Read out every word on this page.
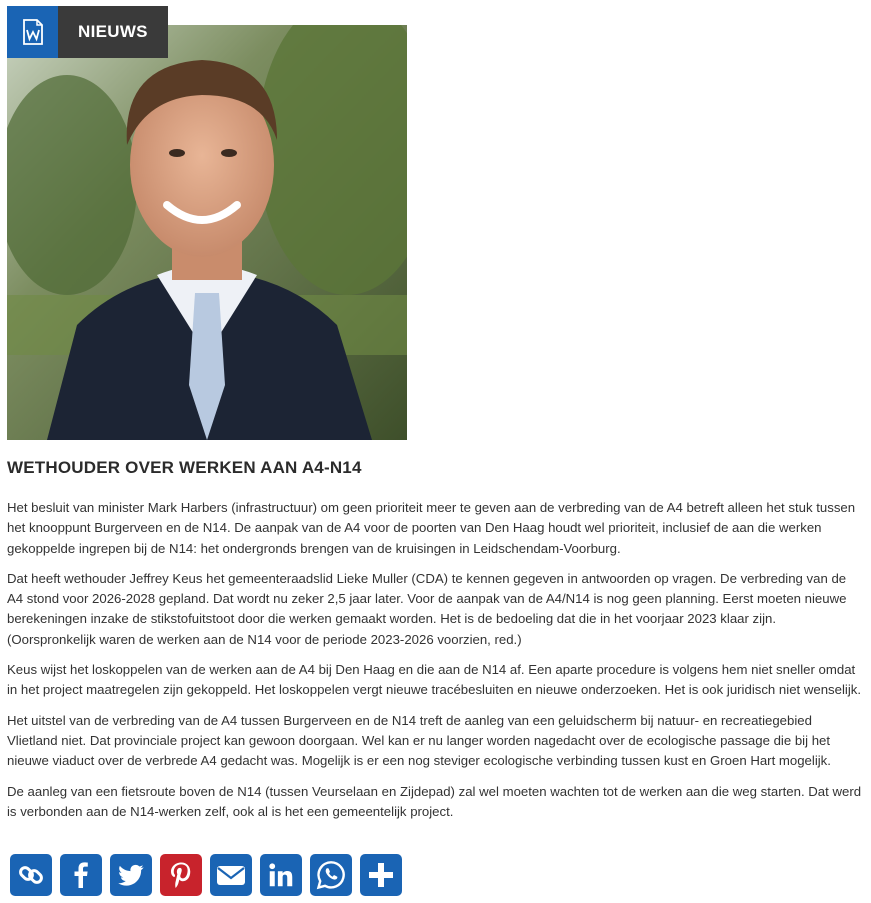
NIEUWS
WETHOUDER OVER WERKEN AAN A4-N14

Het besluit van minister Mark Harbers (infrastructuur) om geen prioriteit meer te geven aan de verbreding van de A4 betreft alleen het stuk tussen het knooppunt Burgerveen en de N14. De aanpak van de A4 voor de poorten van Den Haag houdt wel prioriteit, inclusief de aan die werken gekoppelde ingrepen bij de N14: het ondergronds brengen van de kruisingen in Leidschendam-Voorburg.

Dat heeft wethouder Jeffrey Keus het gemeenteraadslid Lieke Muller (CDA) te kennen gegeven in antwoorden op vragen. De verbreding van de A4 stond voor 2026-2028 gepland. Dat wordt nu zeker 2,5 jaar later. Voor de aanpak van de A4/N14 is nog geen planning. Eerst moeten nieuwe berekeningen inzake de stikstofuitstoot door die werken gemaakt worden. Het is de bedoeling dat die in het voorjaar 2023 klaar zijn. (Oorspronkelijk waren de werken aan de N14 voor de periode 2023-2026 voorzien, red.)

Keus wijst het loskoppelen van de werken aan de A4 bij Den Haag en die aan de N14 af. Een aparte procedure is volgens hem niet sneller omdat in het project maatregelen zijn gekoppeld. Het loskoppelen vergt nieuwe tracébesluiten en nieuwe onderzoeken. Het is ook juridisch niet wenselijk.

Het uitstel van de verbreding van de A4 tussen Burgerveen en de N14 treft de aanleg van een geluidscherm bij natuur- en recreatiegebied Vlietland niet. Dat provinciale project kan gewoon doorgaan. Wel kan er nu langer worden nagedacht over de ecologische passage die bij het nieuwe viaduct over de verbrede A4 gedacht was. Mogelijk is er een nog steviger ecologische verbinding tussen kust en Groen Hart mogelijk.

De aanleg van een fietsroute boven de N14 (tussen Veurselaan en Zijdepad) zal wel moeten wachten tot de werken aan die weg starten. Dat werd is verbonden aan de N14-werken zelf, ook al is het een gemeentelijk project.
